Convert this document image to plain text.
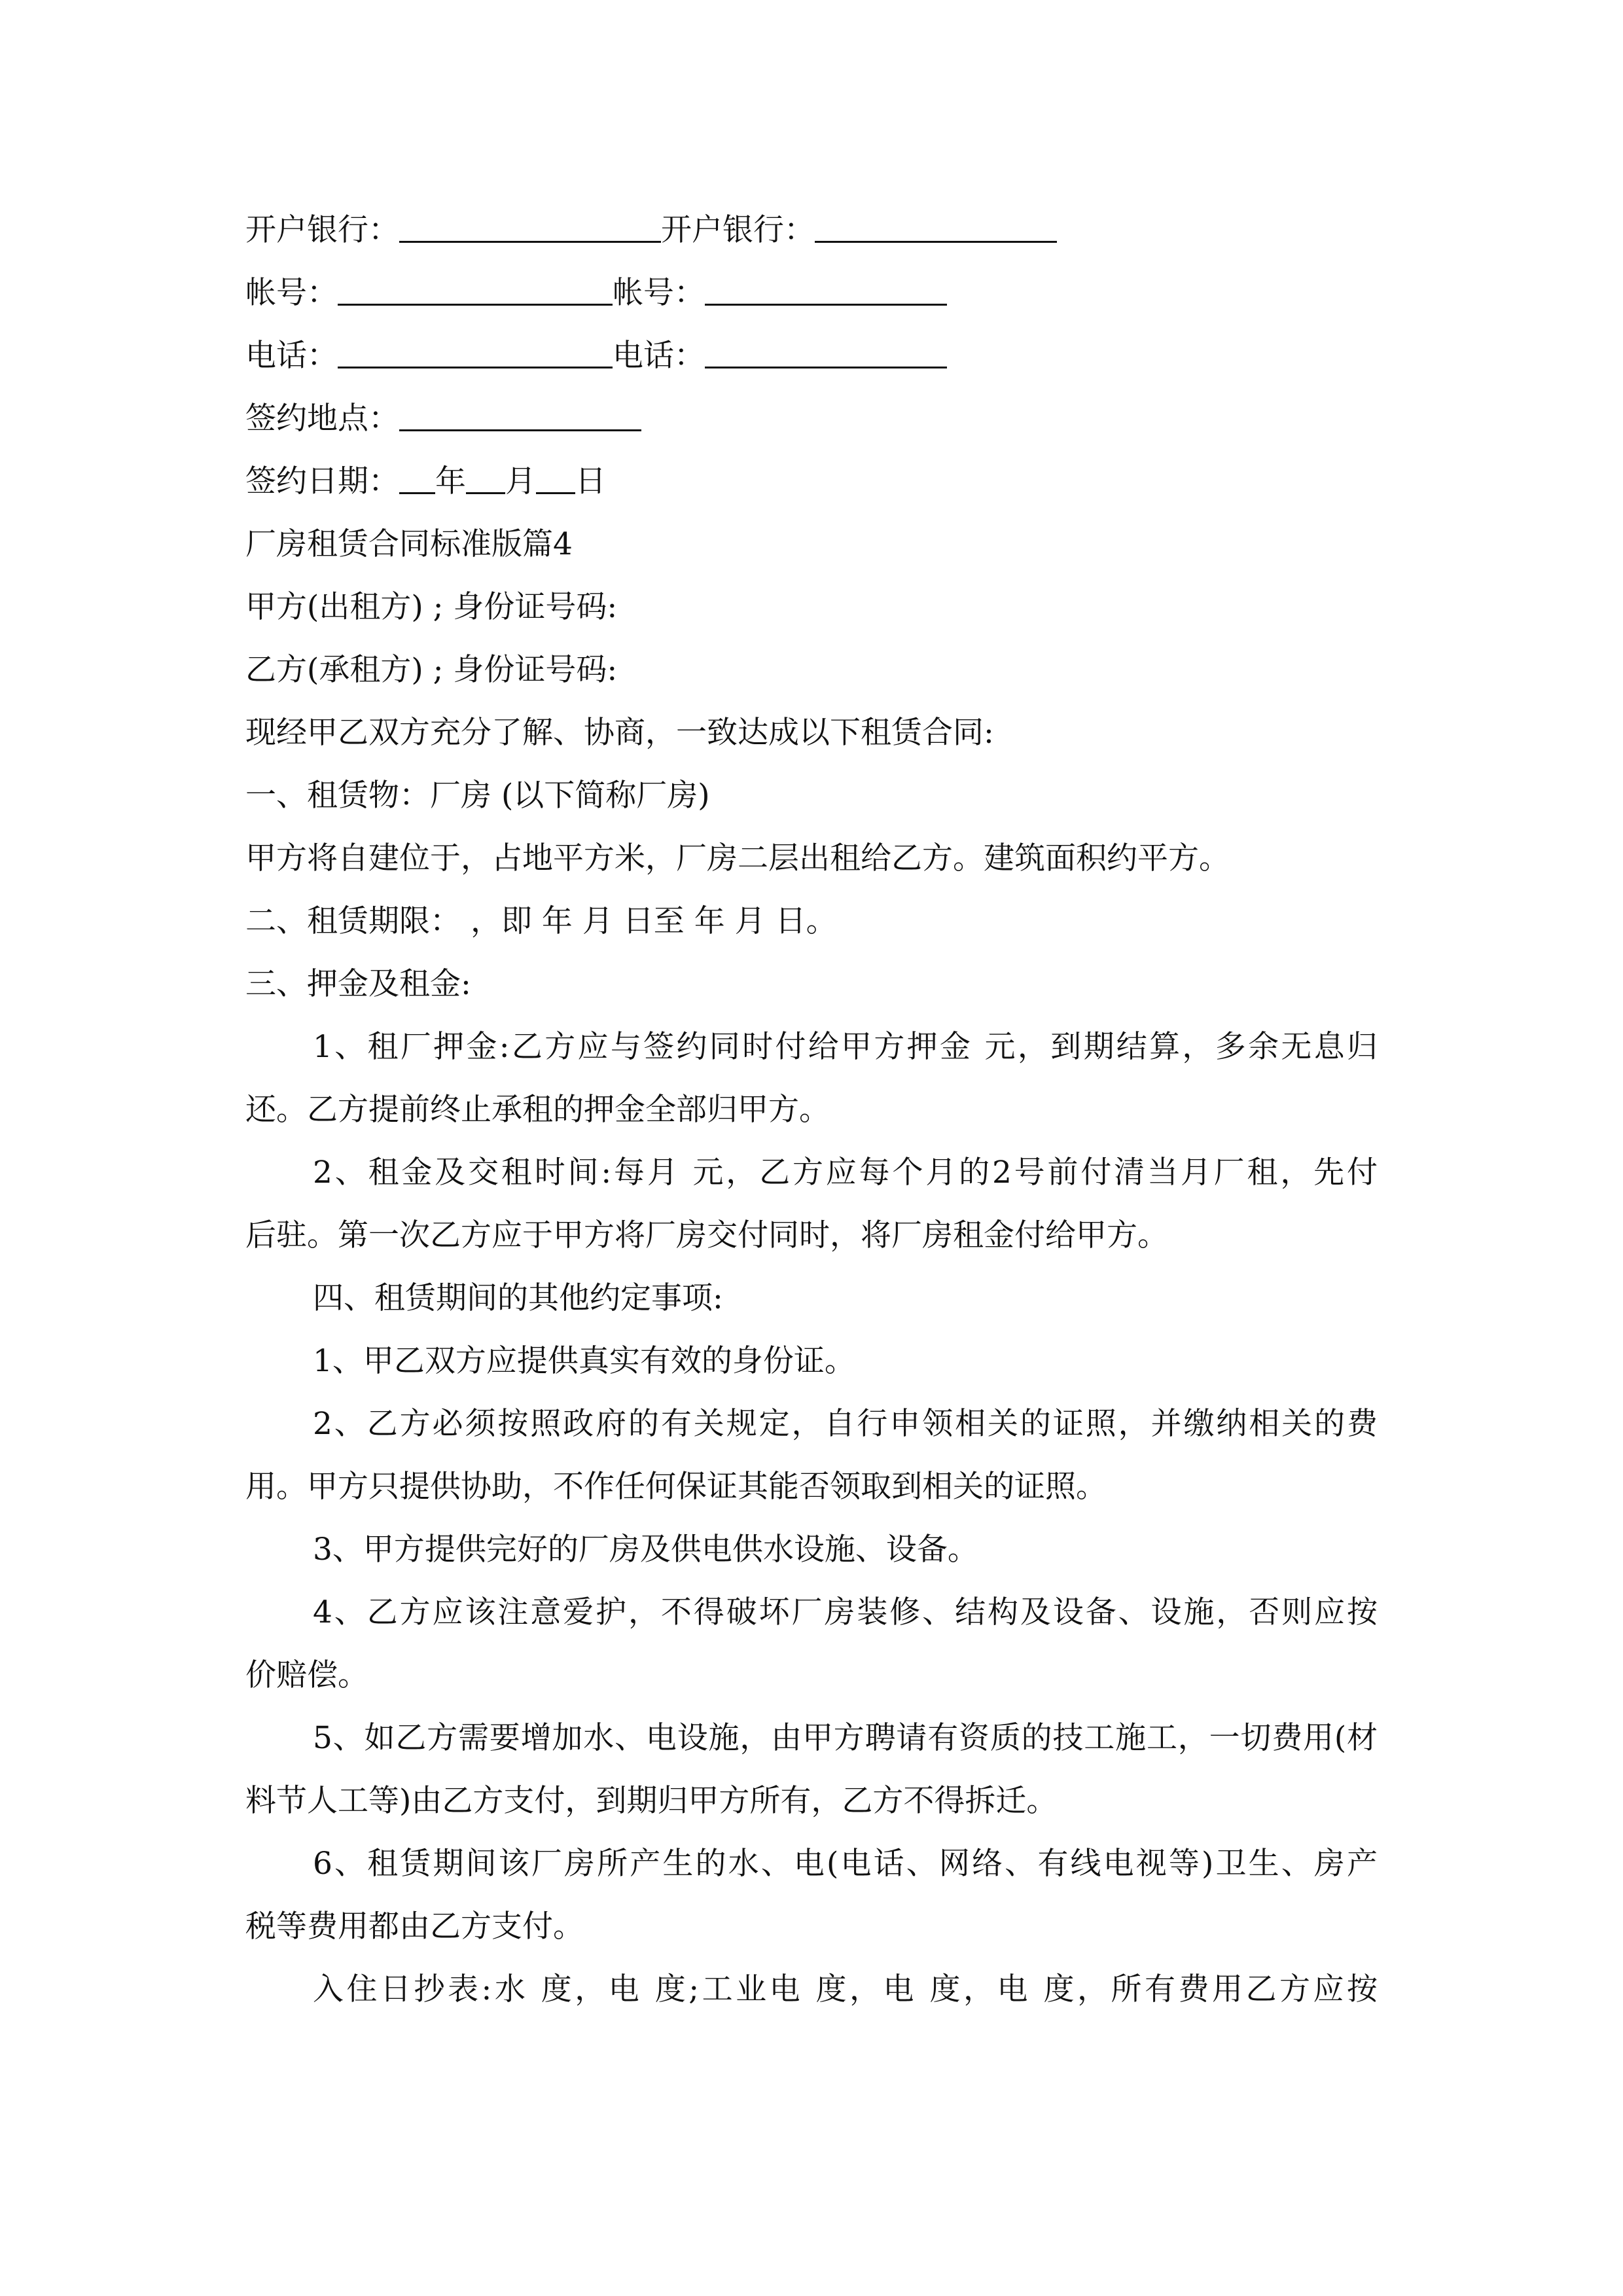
开户银行：	开户银行：
帐号：	帐号：
电话：	电话：
签约地点：
签约日期： 年 月 日
厂房租赁合同标准版篇4
甲方(出租方) ; 身份证号码:
乙方(承租方) ; 身份证号码:
现经甲乙双方充分了解、协商，一致达成以下租赁合同:
一、租赁物：厂房 (以下简称厂房)
甲方将自建位于，占地平方米，厂房二层出租给乙方。建筑面积约平方。
二、租赁期限： ，即 年 月 日至 年 月 日。
三、押金及租金:
1、租厂押金:乙方应与签约同时付给甲方押金 元，到期结算，多余无息归
还。乙方提前终止承租的押金全部归甲方。
2、租金及交租时间:每月 元，乙方应每个月的2号前付清当月厂租，先付
后驻。第一次乙方应于甲方将厂房交付同时，将厂房租金付给甲方。
四、租赁期间的其他约定事项:
1、甲乙双方应提供真实有效的身份证。
2、乙方必须按照政府的有关规定，自行申领相关的证照，并缴纳相关的费
用。甲方只提供协助，不作任何保证其能否领取到相关的证照。
3、甲方提供完好的厂房及供电供水设施、设备。
4、乙方应该注意爱护，不得破坏厂房装修、结构及设备、设施，否则应按
价赔偿。
5、如乙方需要增加水、电设施，由甲方聘请有资质的技工施工，一切费用(材
料节人工等)由乙方支付，到期归甲方所有，乙方不得拆迁。
6、租赁期间该厂房所产生的水、电(电话、网络、有线电视等)卫生、房产
税等费用都由乙方支付。
入住日抄表:水 度，电 度;工业电 度，电 度，电 度，所有费用乙方应按
